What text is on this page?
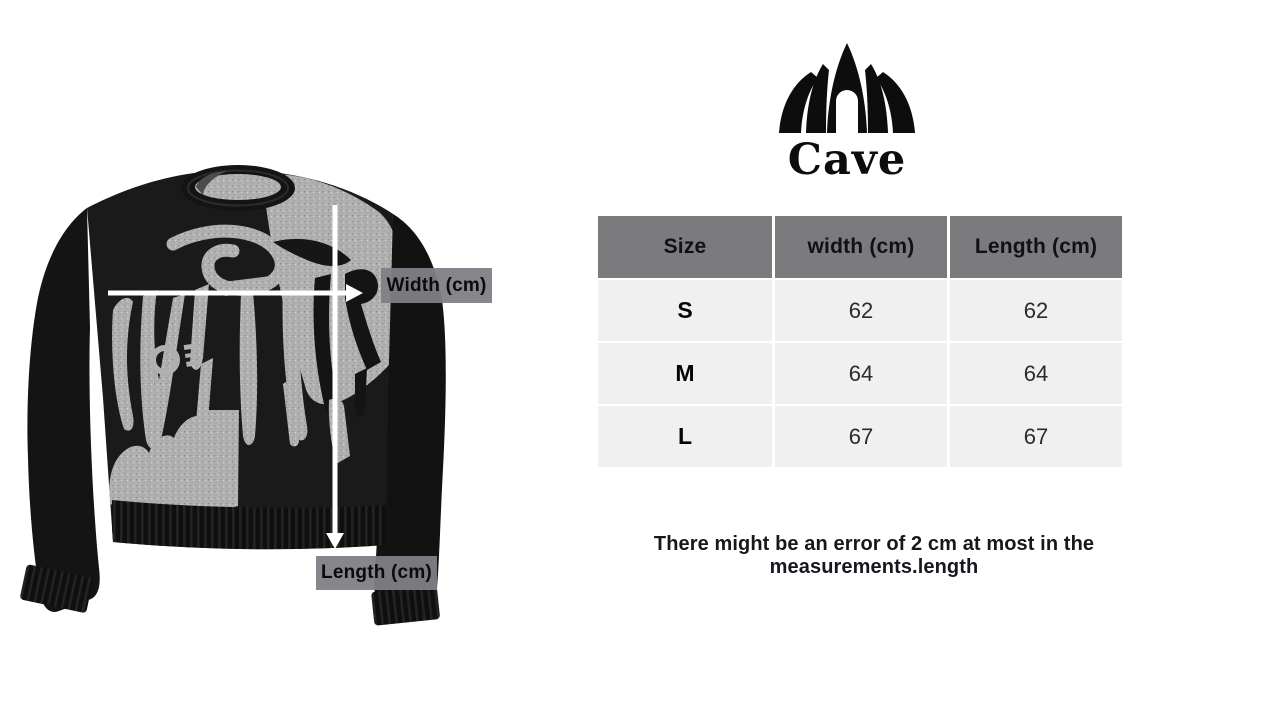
Width (cm)
Length (cm)
Cave
Size	width (cm)	Length (cm)
S	62	62
M	64	64
L	67	67
There might be an error of 2 cm at most in the measurements.length
